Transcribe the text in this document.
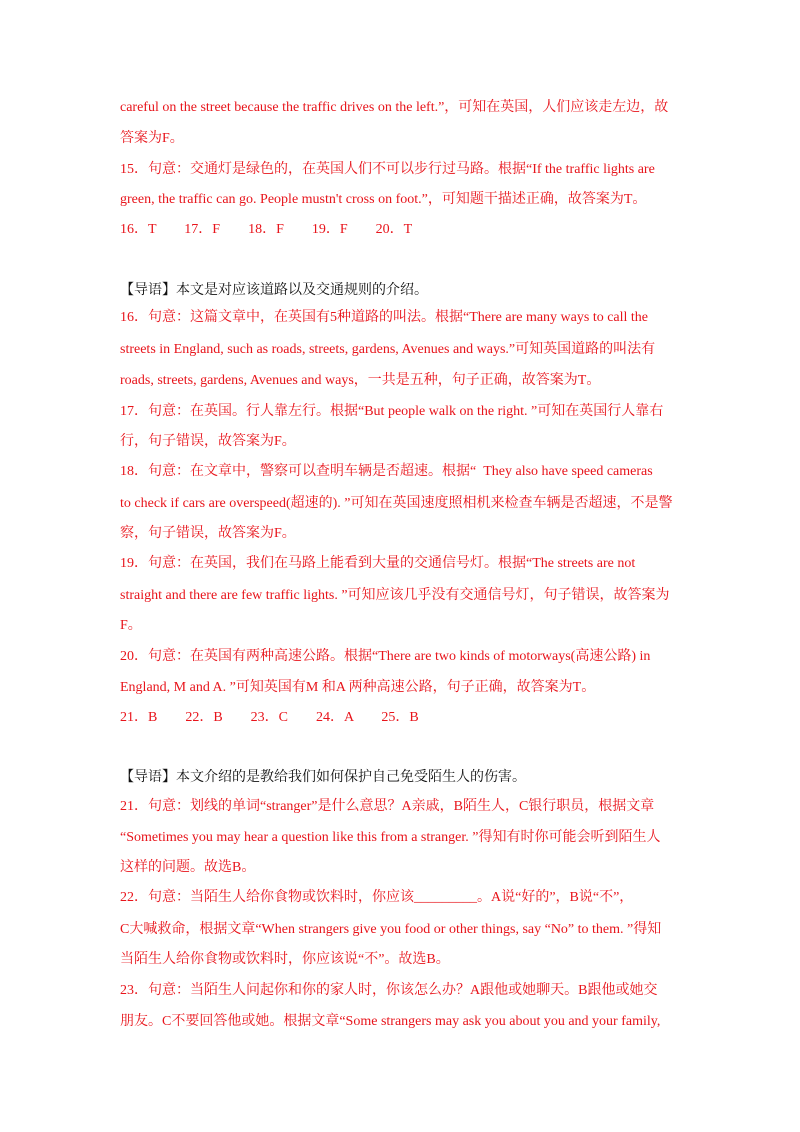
careful on the street because the traffic drives on the left.”，可知在英国，人们应该走左边，故
答案为F。
15．句意：交通灯是绿色的，在英国人们不可以步行过马路。根据“If the traffic lights are
green, the traffic can go. People mustn't cross on foot.”，可知题干描述正确，故答案为T。
16．T        17．F        18．F        19．F        20．T
【导语】本文是对应该道路以及交通规则的介绍。
16．句意：这篇文章中，在英国有5种道路的叫法。根据“There are many ways to call the
streets in England, such as roads, streets, gardens, Avenues and ways.”可知英国道路的叫法有
roads, streets, gardens, Avenues and ways，一共是五种，句子正确，故答案为T。
17．句意：在英国。行人靠左行。根据“But people walk on the right. ”可知在英国行人靠右
行，句子错误，故答案为F。
18．句意：在文章中，警察可以查明车辆是否超速。根据“  They also have speed cameras
to check if cars are overspeed(超速的). ”可知在英国速度照相机来检查车辆是否超速，不是警
察，句子错误，故答案为F。
19．句意：在英国，我们在马路上能看到大量的交通信号灯。根据“The streets are not
straight and there are few traffic lights. ”可知应该几乎没有交通信号灯，句子错误，故答案为
F。
20．句意：在英国有两种高速公路。根据“There are two kinds of motorways(高速公路) in
England, M and A. ”可知英国有M 和A 两种高速公路，句子正确，故答案为T。
21．B        22．B        23．C        24．A        25．B
【导语】本文介绍的是教给我们如何保护自己免受陌生人的伤害。
21．句意：划线的单词“stranger”是什么意思？A亲戚，B陌生人，C银行职员，根据文章
“Sometimes you may hear a question like this from a stranger. ”得知有时你可能会听到陌生人
这样的问题。故选B。
22．句意：当陌生人给你食物或饮料时，你应该_________。A说“好的”，B说“不”，
C大喊救命，根据文章“When strangers give you food or other things, say “No” to them. ”得知
当陌生人给你食物或饮料时，你应该说“不”。故选B。
23．句意：当陌生人问起你和你的家人时，你该怎么办？A跟他或她聊天。B跟他或她交
朋友。C不要回答他或她。根据文章“Some strangers may ask you about you and your family,
